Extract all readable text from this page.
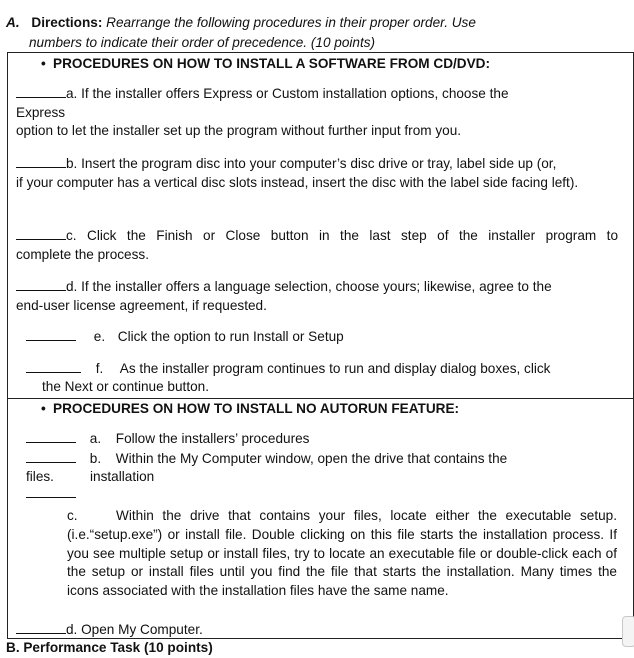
A. Directions: Rearrange the following procedures in their proper order. Use
numbers to indicate their order of precedence. (10 points)
• PROCEDURES ON HOW TO INSTALL A SOFTWARE FROM CD/DVD:
a. If the installer offers Express or Custom installation options, choose the
Express
option to let the installer set up the program without further input from you.
b. Insert the program disc into your computer’s disc drive or tray, label side up (or,
if your computer has a vertical disc slots instead, insert the disc with the label side facing left).
c. Click the Finish or Close button in the last step of the installer program to
complete the process.
d. If the installer offers a language selection, choose yours; likewise, agree to the
end-user license agreement, if requested.
e. Click the option to run Install or Setup
f. As the installer program continues to run and display dialog boxes, click
the Next or continue button.
• PROCEDURES ON HOW TO INSTALL NO AUTORUN FEATURE:
a. Follow the installers’ procedures
b. Within the My Computer window, open the drive that contains the
files.	installation
c.	Within the drive that contains your files, locate either the executable setup. (i.e.“setup.exe”) or install file. Double clicking on this file starts the installation process. If you see multiple setup or install files, try to locate an executable file or double-click each of the setup or install files until you find the file that starts the installation. Many times the icons associated with the installation files have the same name.
d. Open My Computer.
B. Performance Task (10 points)
